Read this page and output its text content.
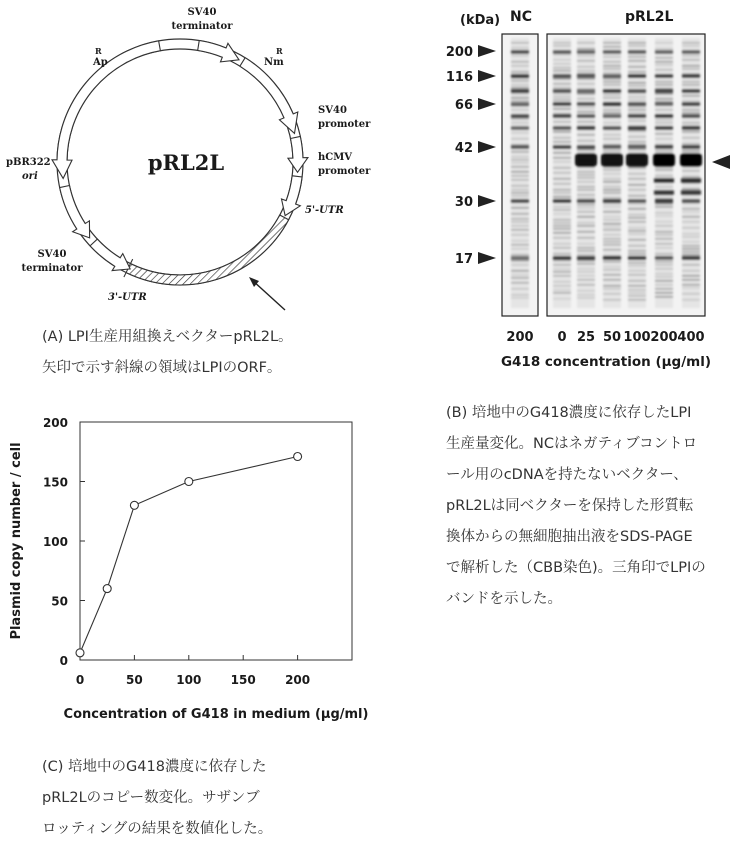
pRL2L
SV40
terminator
Ap
R
Nm
R
SV40
promoter
hCMV
promoter
5'-UTR
pBR322
ori
SV40
terminator
3'-UTR
(A) LPI生産用組換えベクターpRL2L。
矢印で示す斜線の領域はLPIのORF。
(kDa) NC	pRL2L
200
116
66
42
30
17
200 0 25 50 100 200 400
G418 concentration (µg/ml)
(B) 培地中のG418濃度に依存したLPI
生産量変化。NCはネガティブコントロ
ール用のcDNAを持たないベクター、
pRL2Lは同ベクターを保持した形質転
換体からの無細胞抽出液をSDS-PAGE
で解析した（CBB染色)。三角印でLPIの
バンドを示した。
0
50
100
150
200
0	50	100 150 200
Plasmid copy number / cell
Concentration of G418 in medium (µg/ml)
(C) 培地中のG418濃度に依存した
pRL2Lのコピー数変化。サザンブ
ロッティングの結果を数値化した。
